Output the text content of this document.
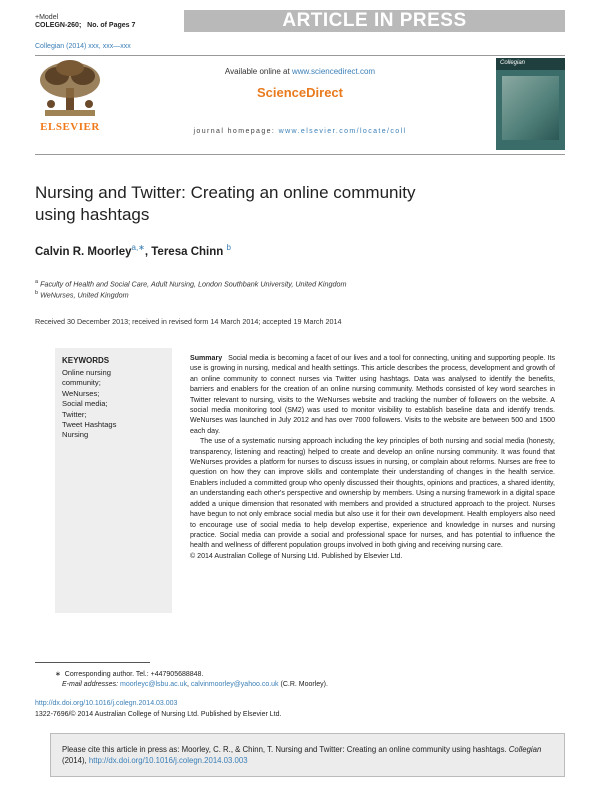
+Model
COLEGN-260; No. of Pages 7	ARTICLE IN PRESS
Collegian (2014) xxx, xxx—xxx
ELSEVIER
Available online at www.sciencedirect.com
ScienceDirect
journal homepage: www.elsevier.com/locate/coll
Collegian
Nursing and Twitter: Creating an online community using hashtags
Calvin R. Moorley$^{a,∗}$, Teresa Chinn $^b$
$^a$ Faculty of Health and Social Care, Adult Nursing, London Southbank University, United Kingdom
$^b$ WeNurses, United Kingdom
Received 30 December 2013; received in revised form 14 March 2014; accepted 19 March 2014
KEYWORDS
Online nursing
community;
WeNurses;
Social media;
Twitter;
Tweet Hashtags
Nursing

Summary Social media is becoming a facet of our lives and a tool for connecting, uniting and supporting people. Its use is growing in nursing, medical and health settings. This article describes the process, development and growth of an online community to connect nurses via Twitter using hashtags. Data was analysed to identify the benefits, barriers and enablers for the creation of an online nursing community. Methods consisted of key word searches in Twitter relevant to nursing, visits to the WeNurses website and tracking the number of followers on the website. A social media monitoring tool (SM2) was used to monitor visibility to establish baseline data and identify trends. WeNurses was launched in July 2012 and has over 7000 followers. Visits to the website are between 500 and 1500 each day.

The use of a systematic nursing approach including the key principles of both nursing and social media (honesty, transparency, listening and reacting) helped to create and develop an online nursing community. It was found that WeNurses provides a platform for nurses to discuss issues in nursing, or complain about reforms. Nurses are free to question on how they can improve skills and contemplate their understanding of changes in the health service. Enablers included a committed group who openly discussed their thoughts, opinions and practices, a shared identity, an understanding each other's perspective and ownership by members. Using a nursing framework in a digital space added a unique dimension that resonated with members and provided a structured approach to the project. Nurses have begun to not only embrace social media but also use it for their own development. Health employers also need to encourage use of social media to help develop expertise, experience and knowledge in nurses and nursing practice. Social media can provide a social and professional space for nurses, and has potential to influence the health and wellness of different population groups involved in both giving and receiving nursing care.

© 2014 Australian College of Nursing Ltd. Published by Elsevier Ltd.

∗ Corresponding author. Tel.: +447905688848.
E-mail addresses: moorleyc@lsbu.ac.uk, calvinmoorley@yahoo.co.uk (C.R. Moorley).
http://dx.doi.org/10.1016/j.colegn.2014.03.003
1322-7696/© 2014 Australian College of Nursing Ltd. Published by Elsevier Ltd.
Please cite this article in press as: Moorley, C. R., & Chinn, T. Nursing and Twitter: Creating an online community using hashtags. Collegian (2014), http://dx.doi.org/10.1016/j.colegn.2014.03.003
